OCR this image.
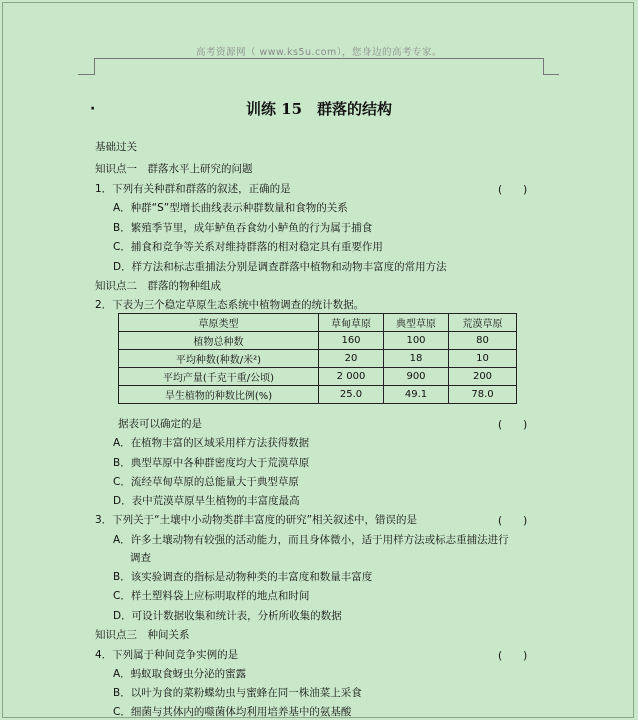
高考资源网（ www.ks5u.com），您身边的高考专家。
·	训练 15　群落的结构
基础过关
知识点一　群落水平上研究的问题
1．下列有关种群和群落的叙述，正确的是	(　　)
A．种群“S”型增长曲线表示种群数量和食物的关系
B．繁殖季节里，成年鲈鱼吞食幼小鲈鱼的行为属于捕食
C．捕食和竞争等关系对维持群落的相对稳定具有重要作用
D．样方法和标志重捕法分别是调查群落中植物和动物丰富度的常用方法
知识点二　群落的物种组成
2．下表为三个稳定草原生态系统中植物调查的统计数据。
草原类型	草甸草原	典型草原	荒漠草原
植物总种数	160	100	80
平均种数(种数/米²)	20	18	10
平均产量(千克干重/公顷)	2 000	900	200
旱生植物的种数比例(%)	25.0	49.1	78.0
据表可以确定的是	(　　)
A．在植物丰富的区域采用样方法获得数据
B．典型草原中各种群密度均大于荒漠草原
C．流经草甸草原的总能量大于典型草原
D．表中荒漠草原旱生植物的丰富度最高
3．下列关于“土壤中小动物类群丰富度的研究”相关叙述中，错误的是	(　　)
A．许多土壤动物有较强的活动能力，而且身体微小，适于用样方法或标志重捕法进行
调查
B．该实验调查的指标是动物种类的丰富度和数量丰富度
C．样土塑料袋上应标明取样的地点和时间
D．可设计数据收集和统计表，分析所收集的数据
知识点三　种间关系
4．下列属于种间竞争实例的是	(　　)
A．蚂蚁取食蚜虫分泌的蜜露
B．以叶为食的菜粉蝶幼虫与蜜蜂在同一株油菜上采食
C．细菌与其体内的噬菌体均利用培养基中的氨基酸
